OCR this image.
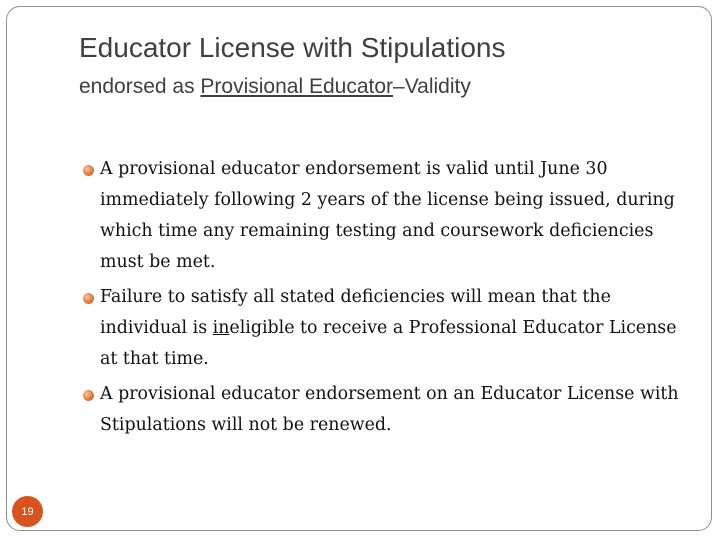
Educator License with Stipulations
endorsed as Provisional Educator–Validity
A provisional educator endorsement is valid until June 30 immediately following 2 years of the license being issued, during which time any remaining testing and coursework deficiencies must be met.
Failure to satisfy all stated deficiencies will mean that the individual is ineligible to receive a Professional Educator License at that time.
A provisional educator endorsement on an Educator License with Stipulations will not be renewed.
19
